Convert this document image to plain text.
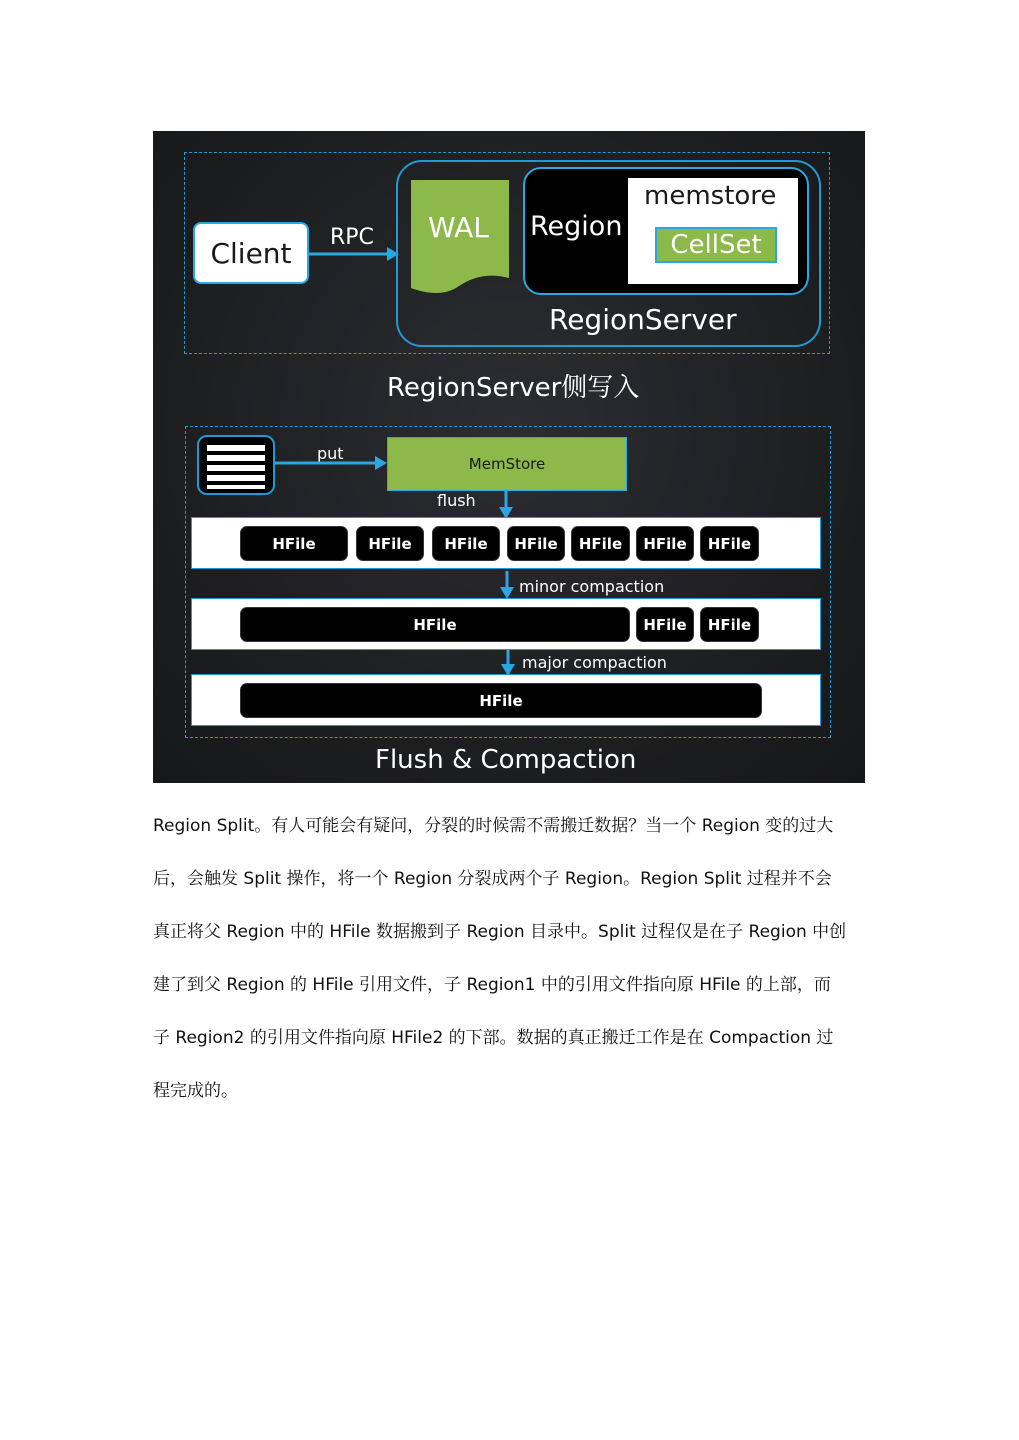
Client	RPC WAL Region
memstore
CellSet
RegionServer
RegionServer侧写入
put
MemStore
flush
HFile	HFile	HFile	HFile	HFile	HFile	HFile
minor compaction
HFile	HFile	HFile
major compaction
HFile
Flush & Compaction
Region Split。有人可能会有疑问，分裂的时候需不需搬迁数据？当一个 Region 变的过大
后，会触发 Split 操作，将一个 Region 分裂成两个子 Region。Region Split 过程并不会
真正将父 Region 中的 HFile 数据搬到子 Region 目录中。Split 过程仅是在子 Region 中创
建了到父 Region 的 HFile 引用文件，子 Region1 中的引用文件指向原 HFile 的上部，而
子 Region2 的引用文件指向原 HFile2 的下部。数据的真正搬迁工作是在 Compaction 过
程完成的。
